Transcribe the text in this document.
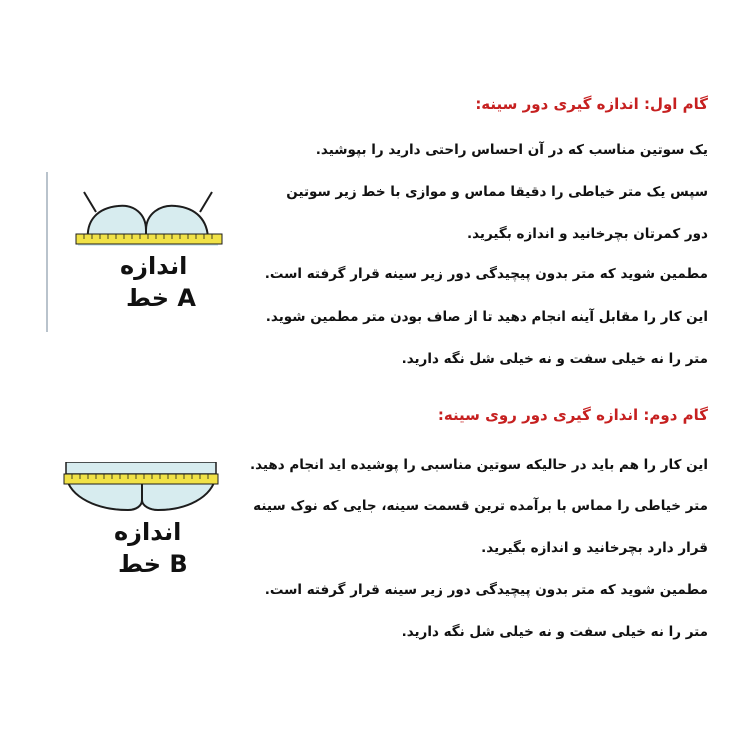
گام اول: اندازه گیری دور سینه:
یک سوتین مناسب که در آن احساس راحتی دارید را بپوشید.
سپس یک متر خیاطی را دقیقا مماس و موازی با خط زیر سوتین
دور کمرتان بچرخانید و اندازه بگیرید.
مطمین شوید که متر بدون پیچیدگی دور زیر سینه قرار گرفته است.
این کار را مقابل آینه انجام دهید تا از صاف بودن متر مطمین شوید.
متر را نه خیلی سفت و نه خیلی شل نگه دارید.
اندازه
خط A
گام دوم: اندازه گیری دور روی سینه:
این کار را هم باید در حالیکه سوتین مناسبی را پوشیده اید انجام دهید.
متر خیاطی را مماس با برآمده ترین قسمت سینه، جایی که نوک سینه
قرار دارد بچرخانید و اندازه بگیرید.
مطمین شوید که متر بدون پیچیدگی دور زیر سینه قرار گرفته است.
متر را نه خیلی سفت و نه خیلی شل نگه دارید.
اندازه
خط B
